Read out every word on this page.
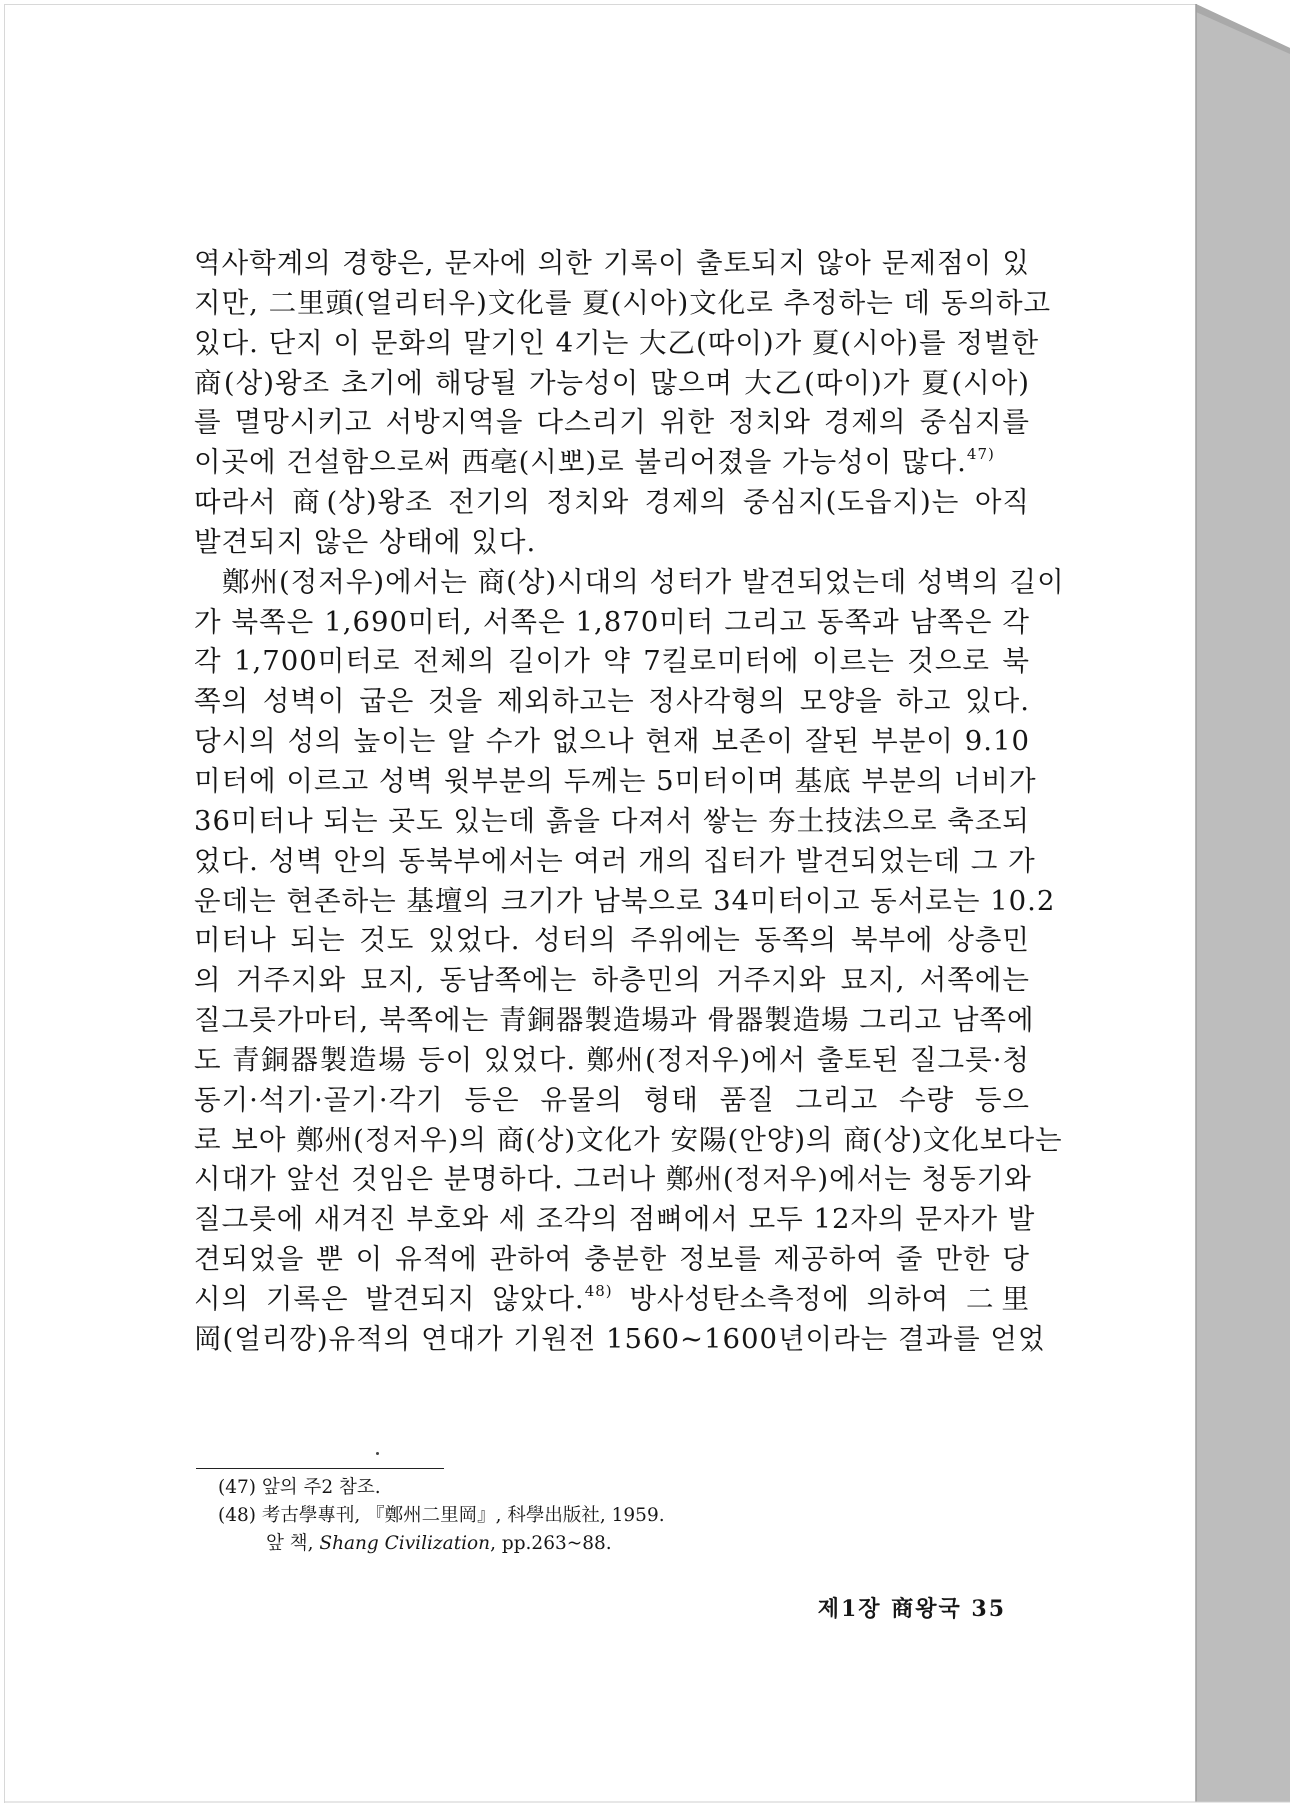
역사학계의 경향은, 문자에 의한 기록이 출토되지 않아 문제점이 있
지만, 二里頭(얼리터우)文化를 夏(시아)文化로 추정하는 데 동의하고
있다. 단지 이 문화의 말기인 4기는 大乙(따이)가 夏(시아)를 정벌한
商(상)왕조 초기에 해당될 가능성이 많으며 大乙(따이)가 夏(시아)
를 멸망시키고 서방지역을 다스리기 위한 정치와 경제의 중심지를
이곳에 건설함으로써 西亳(시뽀)로 불리어졌을 가능성이 많다.$^{47)}$
따라서 商(상)왕조 전기의 정치와 경제의 중심지(도읍지)는 아직
발견되지 않은 상태에 있다.
鄭州(정저우)에서는 商(상)시대의 성터가 발견되었는데 성벽의 길이
가 북쪽은 1,690미터, 서쪽은 1,870미터 그리고 동쪽과 남쪽은 각
각 1,700미터로 전체의 길이가 약 7킬로미터에 이르는 것으로 북
쪽의 성벽이 굽은 것을 제외하고는 정사각형의 모양을 하고 있다.
당시의 성의 높이는 알 수가 없으나 현재 보존이 잘된 부분이 9.10
미터에 이르고 성벽 윗부분의 두께는 5미터이며 基底 부분의 너비가
36미터나 되는 곳도 있는데 흙을 다져서 쌓는 夯土技法으로 축조되
었다. 성벽 안의 동북부에서는 여러 개의 집터가 발견되었는데 그 가
운데는 현존하는 基壇의 크기가 남북으로 34미터이고 동서로는 10.2
미터나 되는 것도 있었다. 성터의 주위에는 동쪽의 북부에 상층민
의 거주지와 묘지, 동남쪽에는 하층민의 거주지와 묘지, 서쪽에는
질그릇가마터, 북쪽에는 青銅器製造場과 骨器製造場 그리고 남쪽에
도 青銅器製造場 등이 있었다. 鄭州(정저우)에서 출토된 질그릇·청
동기·석기·골기·각기 등은 유물의 형태 품질 그리고 수량 등으
로 보아 鄭州(정저우)의 商(상)文化가 安陽(안양)의 商(상)文化보다는
시대가 앞선 것임은 분명하다. 그러나 鄭州(정저우)에서는 청동기와
질그릇에 새겨진 부호와 세 조각의 점뼈에서 모두 12자의 문자가 발
견되었을 뿐 이 유적에 관하여 충분한 정보를 제공하여 줄 만한 당
시의 기록은 발견되지 않았다.$^{48)}$ 방사성탄소측정에 의하여 二里
岡(얼리깡)유적의 연대가 기원전 1560~1600년이라는 결과를 얻었
(47) 앞의 주2 참조.
(48) 考古學專刊, 『鄭州二里岡』, 科學出版社, 1959.
앞 책, Shang Civilization, pp.263~88.
제1장 商왕국 35
